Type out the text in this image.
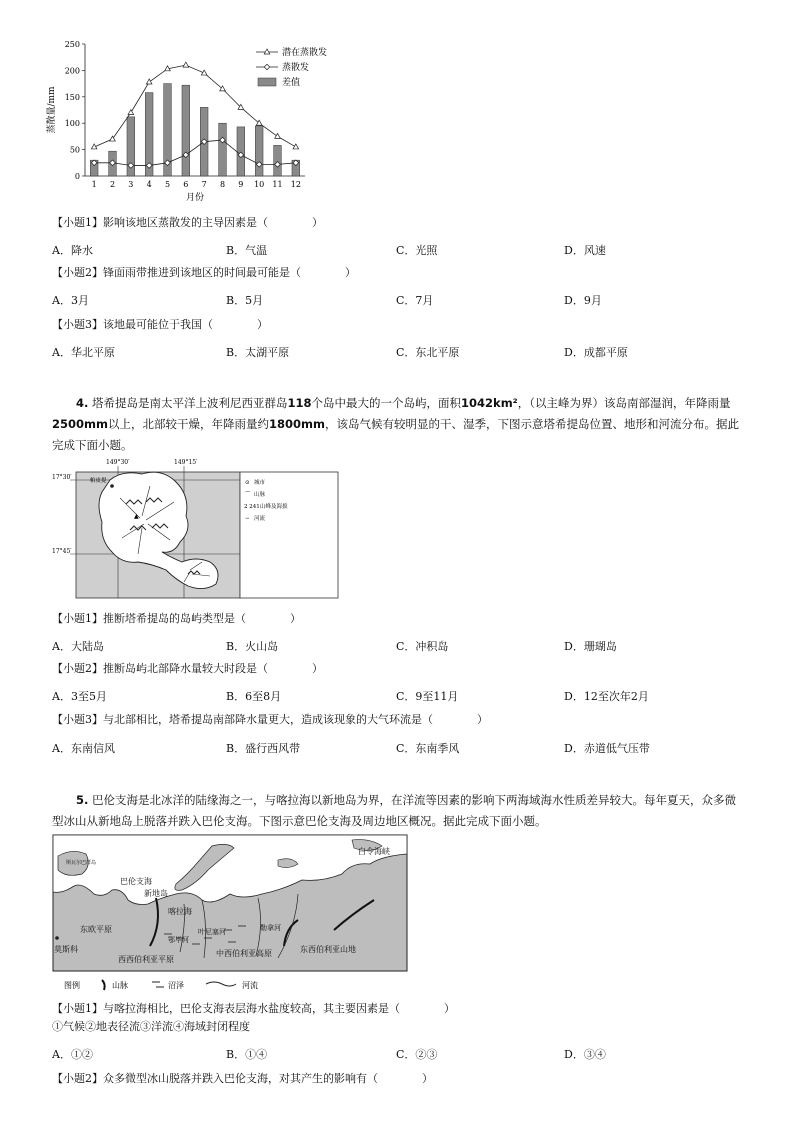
0
50
100
150
200
250
1 2 3 4 5 6 7 8 9 10 11 12
月份
蒸散量/mm
潜在蒸散发
蒸散发
差值
【小题1】影响该地区蒸散发的主导因素是（　　　　）
A．降水	B．气温	C．光照	D．风速
【小题2】锋面雨带推进到该地区的时间最可能是（　　　　）
A．3月	B．5月	C．7月	D．9月
【小题3】该地最可能位于我国（　　　　）
A．华北平原	B．太湖平原	C．东北平原	D．成都平原
4. 塔希提岛是南太平洋上波利尼西亚群岛118个岛中最大的一个岛屿，面积1042km²，（以主峰为界）该岛南部湿润，年降雨量2500mm以上，北部较干燥，年降雨量约1800mm，该岛气候有较明显的干、湿季，下图示意塔希提岛位置、地形和河流分布。据此完成下面小题。
149°30′	149°15′
17°30′
17°45′
帕皮提
▲
⊙ 城市
⌒ 山脉
2 241 山峰及海拔
∽ 河流
【小题1】推断塔希提岛的岛屿类型是（　　　　）
A．大陆岛	B．火山岛	C．冲积岛	D．珊瑚岛
【小题2】推断岛屿北部降水量较大时段是（　　　　）
A．3至5月	B．6至8月	C．9至11月	D．12至次年2月
【小题3】与北部相比，塔希提岛南部降水量更大，造成该现象的大气环流是（　　　　）
A．东南信风	B．盛行西风带	C．东南季风	D．赤道低气压带
5. 巴伦支海是北冰洋的陆缘海之一，与喀拉海以新地岛为界，在洋流等因素的影响下两海域海水性质差异较大。每年夏天，众多微型冰山从新地岛上脱落并跌入巴伦支海。下图示意巴伦支海及周边地区概况。据此完成下面小题。
斯瓦尔巴群岛
巴伦支海
新地岛
喀拉海
东欧平原
莫斯科
西西伯利亚平原
鄂毕河
叶尼塞河
中西伯利亚高原
勒拿河
东西伯利亚山地
白令海峡
图例	山脉	沼泽	河流
【小题1】与喀拉海相比，巴伦支海表层海水盐度较高，其主要因素是（　　　　）
①气候②地表径流③洋流④海域封闭程度
A．①②	B．①④	C．②③	D．③④
【小题2】众多微型冰山脱落并跌入巴伦支海，对其产生的影响有（　　　　）
